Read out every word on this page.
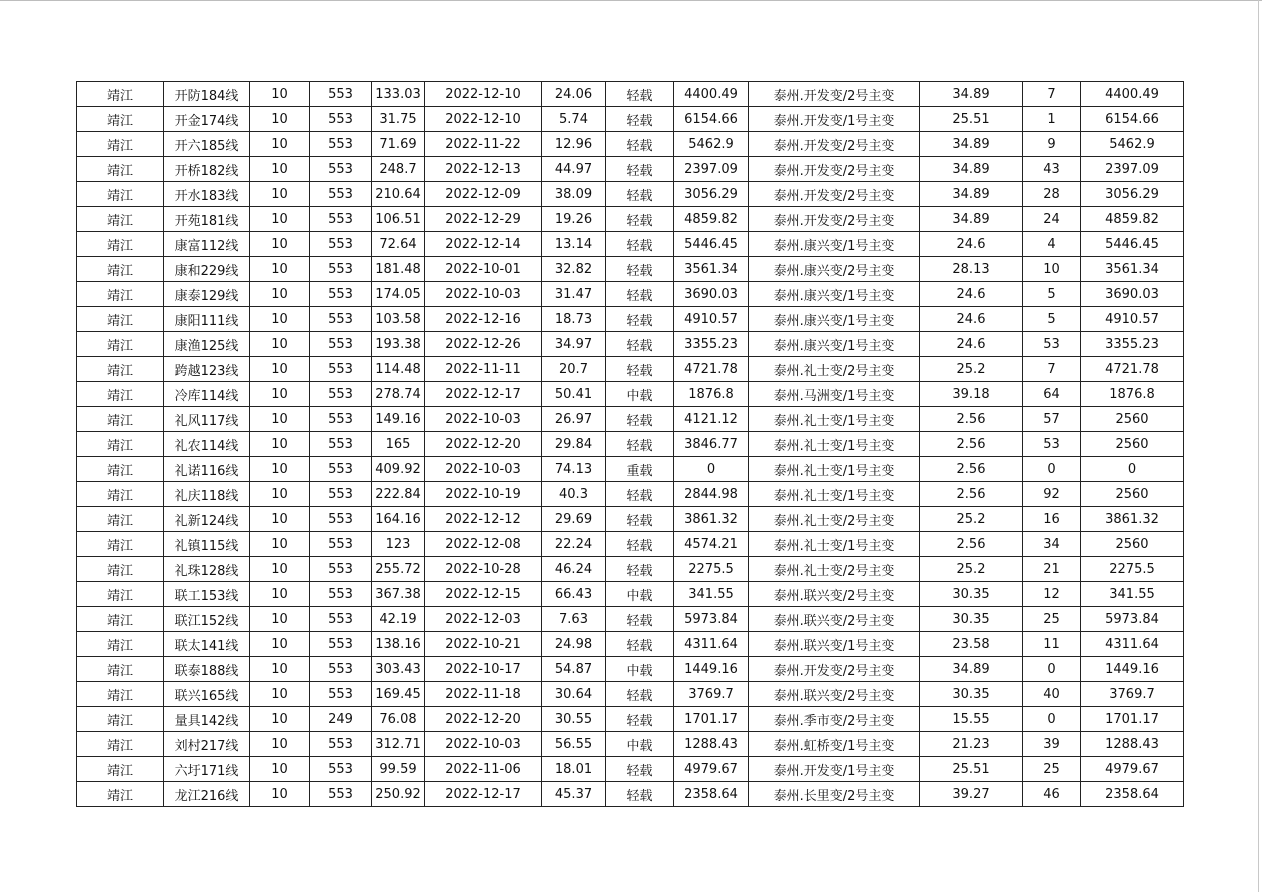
靖江	开防184线	10	553	133.03	2022-12-10	24.06	轻载	4400.49	泰州.开发变/2号主变	34.89	7	4400.49
靖江	开金174线	10	553	31.75	2022-12-10	5.74	轻载	6154.66	泰州.开发变/1号主变	25.51	1	6154.66
靖江	开六185线	10	553	71.69	2022-11-22	12.96	轻载	5462.9	泰州.开发变/2号主变	34.89	9	5462.9
靖江	开桥182线	10	553	248.7	2022-12-13	44.97	轻载	2397.09	泰州.开发变/2号主变	34.89	43	2397.09
靖江	开水183线	10	553	210.64	2022-12-09	38.09	轻载	3056.29	泰州.开发变/2号主变	34.89	28	3056.29
靖江	开苑181线	10	553	106.51	2022-12-29	19.26	轻载	4859.82	泰州.开发变/2号主变	34.89	24	4859.82
靖江	康富112线	10	553	72.64	2022-12-14	13.14	轻载	5446.45	泰州.康兴变/1号主变	24.6	4	5446.45
靖江	康和229线	10	553	181.48	2022-10-01	32.82	轻载	3561.34	泰州.康兴变/2号主变	28.13	10	3561.34
靖江	康泰129线	10	553	174.05	2022-10-03	31.47	轻载	3690.03	泰州.康兴变/1号主变	24.6	5	3690.03
靖江	康阳111线	10	553	103.58	2022-12-16	18.73	轻载	4910.57	泰州.康兴变/1号主变	24.6	5	4910.57
靖江	康渔125线	10	553	193.38	2022-12-26	34.97	轻载	3355.23	泰州.康兴变/1号主变	24.6	53	3355.23
靖江	跨越123线	10	553	114.48	2022-11-11	20.7	轻载	4721.78	泰州.礼士变/2号主变	25.2	7	4721.78
靖江	冷库114线	10	553	278.74	2022-12-17	50.41	中载	1876.8	泰州.马洲变/1号主变	39.18	64	1876.8
靖江	礼风117线	10	553	149.16	2022-10-03	26.97	轻载	4121.12	泰州.礼士变/1号主变	2.56	57	2560
靖江	礼农114线	10	553	165	2022-12-20	29.84	轻载	3846.77	泰州.礼士变/1号主变	2.56	53	2560
靖江	礼诺116线	10	553	409.92	2022-10-03	74.13	重载	0	泰州.礼士变/1号主变	2.56	0	0
靖江	礼庆118线	10	553	222.84	2022-10-19	40.3	轻载	2844.98	泰州.礼士变/1号主变	2.56	92	2560
靖江	礼新124线	10	553	164.16	2022-12-12	29.69	轻载	3861.32	泰州.礼士变/2号主变	25.2	16	3861.32
靖江	礼镇115线	10	553	123	2022-12-08	22.24	轻载	4574.21	泰州.礼士变/1号主变	2.56	34	2560
靖江	礼珠128线	10	553	255.72	2022-10-28	46.24	轻载	2275.5	泰州.礼士变/2号主变	25.2	21	2275.5
靖江	联工153线	10	553	367.38	2022-12-15	66.43	中载	341.55	泰州.联兴变/2号主变	30.35	12	341.55
靖江	联江152线	10	553	42.19	2022-12-03	7.63	轻载	5973.84	泰州.联兴变/2号主变	30.35	25	5973.84
靖江	联太141线	10	553	138.16	2022-10-21	24.98	轻载	4311.64	泰州.联兴变/1号主变	23.58	11	4311.64
靖江	联泰188线	10	553	303.43	2022-10-17	54.87	中载	1449.16	泰州.开发变/2号主变	34.89	0	1449.16
靖江	联兴165线	10	553	169.45	2022-11-18	30.64	轻载	3769.7	泰州.联兴变/2号主变	30.35	40	3769.7
靖江	量具142线	10	249	76.08	2022-12-20	30.55	轻载	1701.17	泰州.季市变/2号主变	15.55	0	1701.17
靖江	刘村217线	10	553	312.71	2022-10-03	56.55	中载	1288.43	泰州.虹桥变/1号主变	21.23	39	1288.43
靖江	六圩171线	10	553	99.59	2022-11-06	18.01	轻载	4979.67	泰州.开发变/1号主变	25.51	25	4979.67
靖江	龙江216线	10	553	250.92	2022-12-17	45.37	轻载	2358.64	泰州.长里变/2号主变	39.27	46	2358.64
